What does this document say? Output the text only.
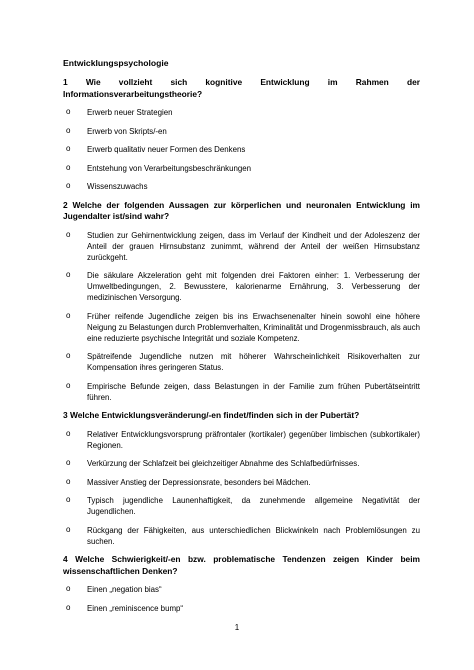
Entwicklungspsychologie
1 Wie vollzieht sich kognitive Entwicklung im Rahmen der Informationsverarbeitungstheorie?
o Erwerb neuer Strategien
o Erwerb von Skripts/-en
o Erwerb qualitativ neuer Formen des Denkens
o Entstehung von Verarbeitungsbeschränkungen
o Wissenszuwachs
2 Welche der folgenden Aussagen zur körperlichen und neuronalen Entwicklung im Jugendalter ist/sind wahr?
o Studien zur Gehirnentwicklung zeigen, dass im Verlauf der Kindheit und der Adoleszenz der Anteil der grauen Hirnsubstanz zunimmt, während der Anteil der weißen Hirnsubstanz zurückgeht.
o Die säkulare Akzeleration geht mit folgenden drei Faktoren einher: 1. Verbesserung der Umweltbedingungen, 2. Bewusstere, kalorienarme Ernährung, 3. Verbesserung der medizinischen Versorgung.
o Früher reifende Jugendliche zeigen bis ins Erwachsenenalter hinein sowohl eine höhere Neigung zu Belastungen durch Problemverhalten, Kriminalität und Drogenmissbrauch, als auch eine reduzierte psychische Integrität und soziale Kompetenz.
o Spätreifende Jugendliche nutzen mit höherer Wahrscheinlichkeit Risikoverhalten zur Kompensation ihres geringeren Status.
o Empirische Befunde zeigen, dass Belastungen in der Familie zum frühen Pubertätseintritt führen.
3 Welche Entwicklungsveränderung/-en findet/finden sich in der Pubertät?
o Relativer Entwicklungsvorsprung präfrontaler (kortikaler) gegenüber limbischen (subkortikaler) Regionen.
o Verkürzung der Schlafzeit bei gleichzeitiger Abnahme des Schlafbedürfnisses.
o Massiver Anstieg der Depressionsrate, besonders bei Mädchen.
o Typisch jugendliche Launenhaftigkeit, da zunehmende allgemeine Negativität der Jugendlichen.
o Rückgang der Fähigkeiten, aus unterschiedlichen Blickwinkeln nach Problemlösungen zu suchen.
4 Welche Schwierigkeit/-en bzw. problematische Tendenzen zeigen Kinder beim wissenschaftlichen Denken?
o Einen „negation bias“
o Einen „reminiscence bump“
1
